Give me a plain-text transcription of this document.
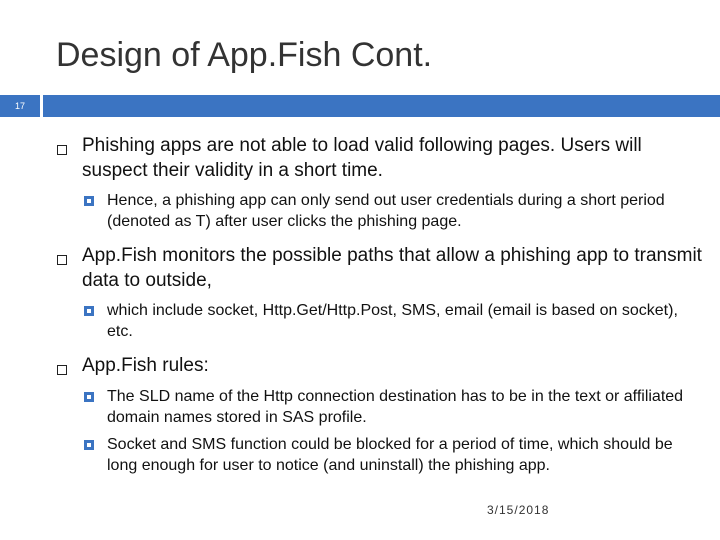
Design of App.Fish Cont.
17
Phishing apps are not able to load valid following pages. Users will suspect their validity in a short time.
Hence, a phishing app can only send out user credentials during a short period (denoted as T) after user clicks the phishing page.
App.Fish monitors the possible paths that allow a phishing app to transmit data to outside,
which include socket, Http.Get/Http.Post, SMS, email (email is based on socket), etc.
App.Fish rules:
The SLD name of the Http connection destination has to be in the text or affiliated domain names stored in SAS profile.
Socket and SMS function could be blocked for a period of time, which should be long enough for user to notice (and uninstall) the phishing app.
3/15/2018
